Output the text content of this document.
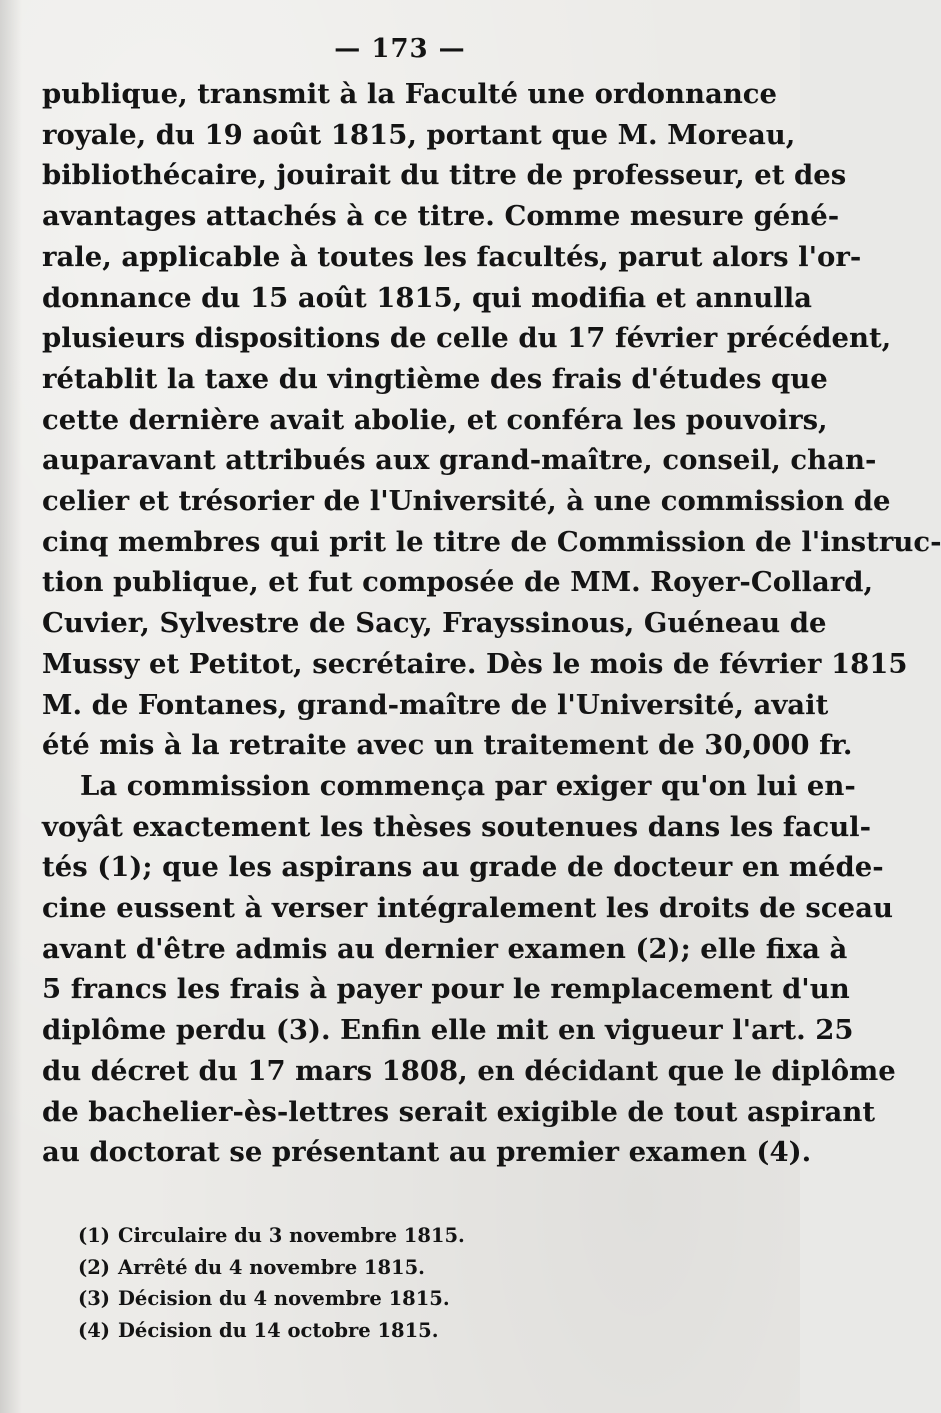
— 173 —
publique, transmit à la Faculté une ordonnance
royale, du 19 août 1815, portant que M. Moreau,
bibliothécaire, jouirait du titre de professeur, et des
avantages attachés à ce titre. Comme mesure géné-
rale, applicable à toutes les facultés, parut alors l'or-
donnance du 15 août 1815, qui modifia et annulla
plusieurs dispositions de celle du 17 février précédent,
rétablit la taxe du vingtième des frais d'études que
cette dernière avait abolie, et conféra les pouvoirs,
auparavant attribués aux grand-maître, conseil, chan-
celier et trésorier de l'Université, à une commission de
cinq membres qui prit le titre de Commission de l'instruc-
tion publique, et fut composée de MM. Royer-Collard,
Cuvier, Sylvestre de Sacy, Frayssinous, Guéneau de
Mussy et Petitot, secrétaire. Dès le mois de février 1815
M. de Fontanes, grand-maître de l'Université, avait
été mis à la retraite avec un traitement de 30,000 fr.
La commission commença par exiger qu'on lui en-
voyât exactement les thèses soutenues dans les facul-
tés (1); que les aspirans au grade de docteur en méde-
cine eussent à verser intégralement les droits de sceau
avant d'être admis au dernier examen (2); elle fixa à
5 francs les frais à payer pour le remplacement d'un
diplôme perdu (3). Enfin elle mit en vigueur l'art. 25
du décret du 17 mars 1808, en décidant que le diplôme
de bachelier-ès-lettres serait exigible de tout aspirant
au doctorat se présentant au premier examen (4).
(1) Circulaire du 3 novembre 1815.
(2) Arrêté du 4 novembre 1815.
(3) Décision du 4 novembre 1815.
(4) Décision du 14 octobre 1815.
